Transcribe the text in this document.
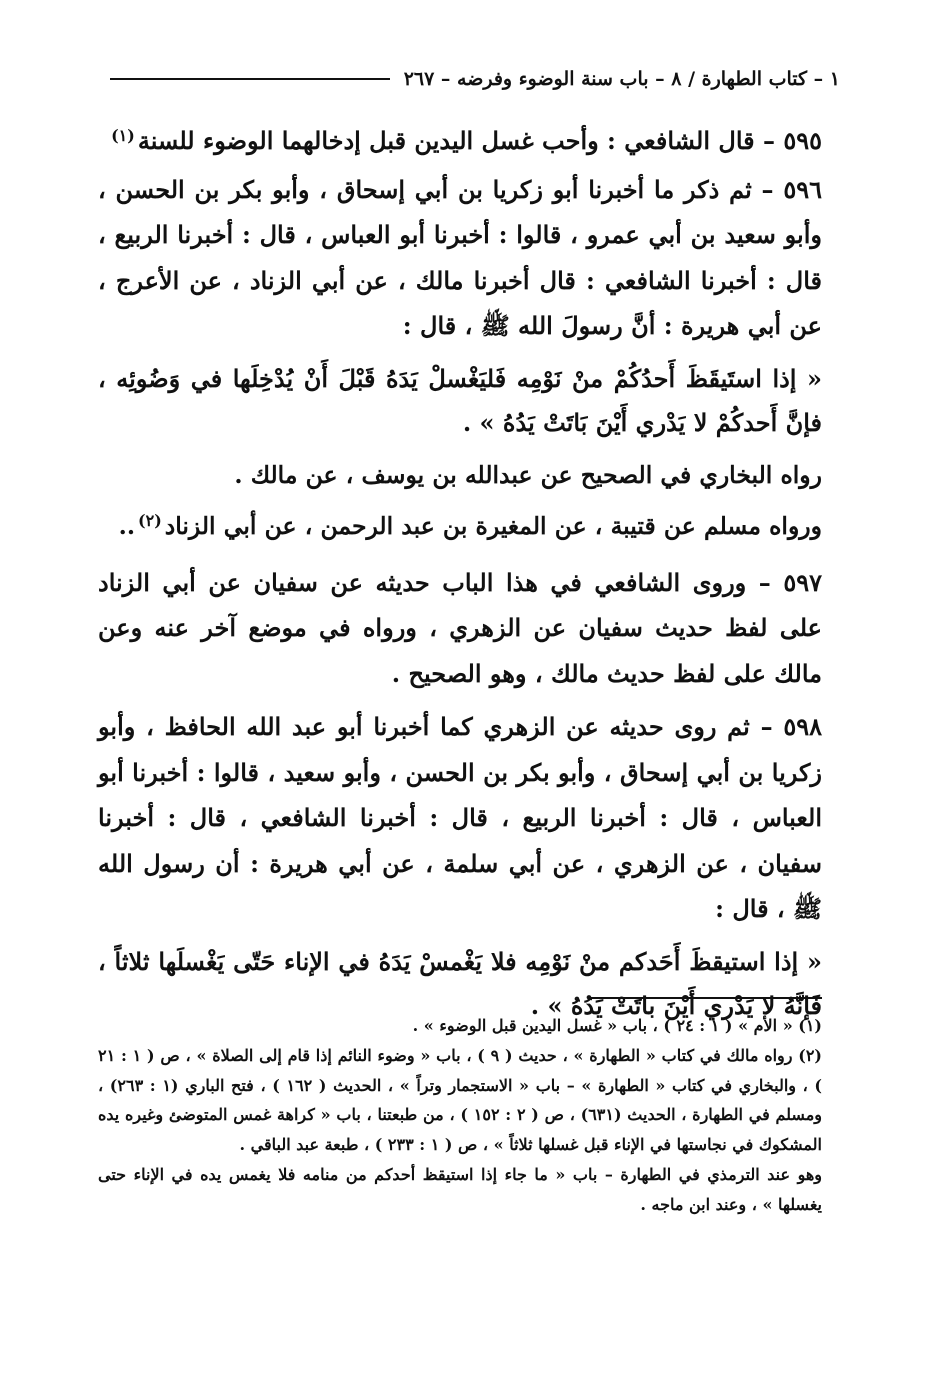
١ – كتاب الطهارة / ٨ – باب سنة الوضوء وفرضه – ٢٦٧

٥٩٥ – قال الشافعي : وأحب غسل اليدين قبل إدخالهما الوضوء للسنة$^{(١)}$

٥٩٦ – ثم ذكر ما أخبرنا أبو زكريا بن أبي إسحاق ، وأبو بكر بن الحسن ، وأبو سعيد بن أبي عمرو ، قالوا : أخبرنا أبو العباس ، قال : أخبرنا الربيع ، قال : أخبرنا الشافعي : قال أخبرنا مالك ، عن أبي الزناد ، عن الأعرج ، عن أبي هريرة : أنَّ رسولَ الله ﷺ ، قال :

« إذا استَيقَظَ أَحدُكُمْ منْ نَوْمِه فَليَغْسلْ يَدَهُ قَبْلَ أَنْ يُدْخِلَها في وَضُوئِه ، فإنَّ أَحدكُمْ لا يَدْري أَيْنَ بَاتَتْ يَدُهُ » .

رواه البخاري في الصحيح عن عبدالله بن يوسف ، عن مالك .

ورواه مسلم عن قتيبة ، عن المغيرة بن عبد الرحمن ، عن أبي الزناد$^{(٢)}$..

٥٩٧ – وروى الشافعي في هذا الباب حديثه عن سفيان عن أبي الزناد على لفظ حديث سفيان عن الزهري ، ورواه في موضع آخر عنه وعن مالك على لفظ حديث مالك ، وهو الصحيح .

٥٩٨ – ثم روى حديثه عن الزهري كما أخبرنا أبو عبد الله الحافظ ، وأبو زكريا بن أبي إسحاق ، وأبو بكر بن الحسن ، وأبو سعيد ، قالوا : أخبرنا أبو العباس ، قال : أخبرنا الربيع ، قال : أخبرنا الشافعي ، قال : أخبرنا سفيان ، عن الزهري ، عن أبي سلمة ، عن أبي هريرة : أن رسول الله ﷺ ، قال :

« إذا استيقظَ أَحَدكم منْ نَوْمِه فلا يَغْمسْ يَدَهُ في الإناء حَتّى يَغْسلَها ثلاثاً ، فَإنَّهُ لا يَدْري أَيْنَ باتَتْ يَدُهُ » .

(١) « الأم » ( ١ : ٢٤ ) ، باب « غسل اليدين قبل الوضوء » .

(٢) رواه مالك في كتاب « الطهارة » ، حديث ( ٩ ) ، باب « وضوء النائم إذا قام إلى الصلاة » ، ص ( ١ : ٢١ ) ، والبخاري في كتاب « الطهارة » – باب « الاستجمار وتراً » ، الحديث ( ١٦٢ ) ، فتح الباري (١ : ٢٦٣) ، ومسلم في الطهارة ، الحديث (٦٣١) ، ص ( ٢ : ١٥٢ ) ، من طبعتنا ، باب « كراهة غمس المتوضئ وغيره يده المشكوك في نجاستها في الإناء قبل غسلها ثلاثاً » ، ص ( ١ : ٢٣٣ ) ، طبعة عبد الباقي .

وهو عند الترمذي في الطهارة – باب « ما جاء إذا استيقظ أحدكم من منامه فلا يغمس يده في الإناء حتى يغسلها » ، وعند ابن ماجه .
